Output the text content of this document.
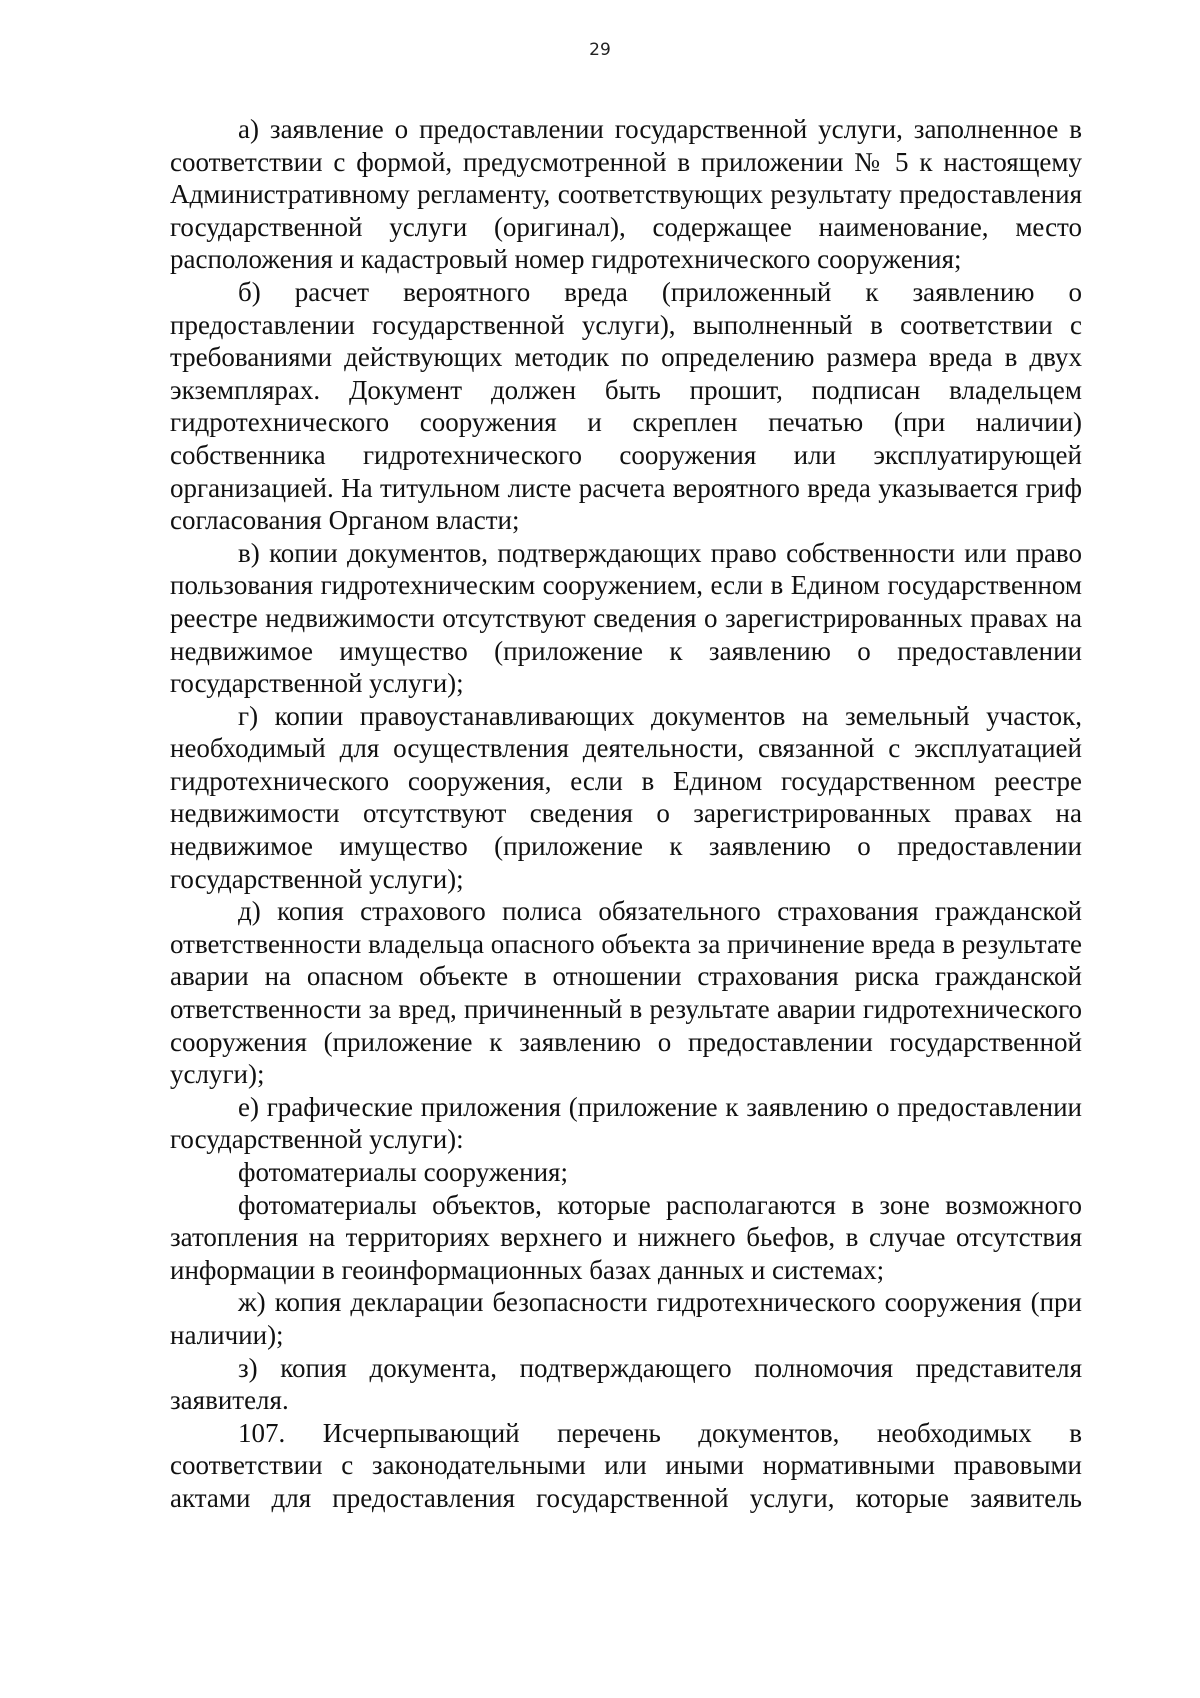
29

а) заявление о предоставлении государственной услуги, заполненное в соответствии с формой, предусмотренной в приложении № 5 к настоящему Административному регламенту, соответствующих результату предоставления государственной услуги (оригинал), содержащее наименование, место расположения и кадастровый номер гидротехнического сооружения;

б) расчет вероятного вреда (приложенный к заявлению о предоставлении государственной услуги), выполненный в соответствии с требованиями действующих методик по определению размера вреда в двух экземплярах. Документ должен быть прошит, подписан владельцем гидротехнического сооружения и скреплен печатью (при наличии) собственника гидротехнического сооружения или эксплуатирующей организацией. На титульном листе расчета вероятного вреда указывается гриф согласования Органом власти;

в) копии документов, подтверждающих право собственности или право пользования гидротехническим сооружением, если в Едином государственном реестре недвижимости отсутствуют сведения о зарегистрированных правах на недвижимое имущество (приложение к заявлению о предоставлении государственной услуги);

г) копии правоустанавливающих документов на земельный участок, необходимый для осуществления деятельности, связанной с эксплуатацией гидротехнического сооружения, если в Едином государственном реестре недвижимости отсутствуют сведения о зарегистрированных правах на недвижимое имущество (приложение к заявлению о предоставлении государственной услуги);

д) копия страхового полиса обязательного страхования гражданской ответственности владельца опасного объекта за причинение вреда в результате аварии на опасном объекте в отношении страхования риска гражданской ответственности за вред, причиненный в результате аварии гидротехнического сооружения (приложение к заявлению о предоставлении государственной услуги);

е) графические приложения (приложение к заявлению о предоставлении государственной услуги):

фотоматериалы сооружения;

фотоматериалы объектов, которые располагаются в зоне возможного затопления на территориях верхнего и нижнего бьефов, в случае отсутствия информации в геоинформационных базах данных и системах;

ж) копия декларации безопасности гидротехнического сооружения (при наличии);

з) копия документа, подтверждающего полномочия представителя заявителя.

107. Исчерпывающий перечень документов, необходимых в соответствии с законодательными или иными нормативными правовыми актами для предоставления государственной услуги, которые заявитель
